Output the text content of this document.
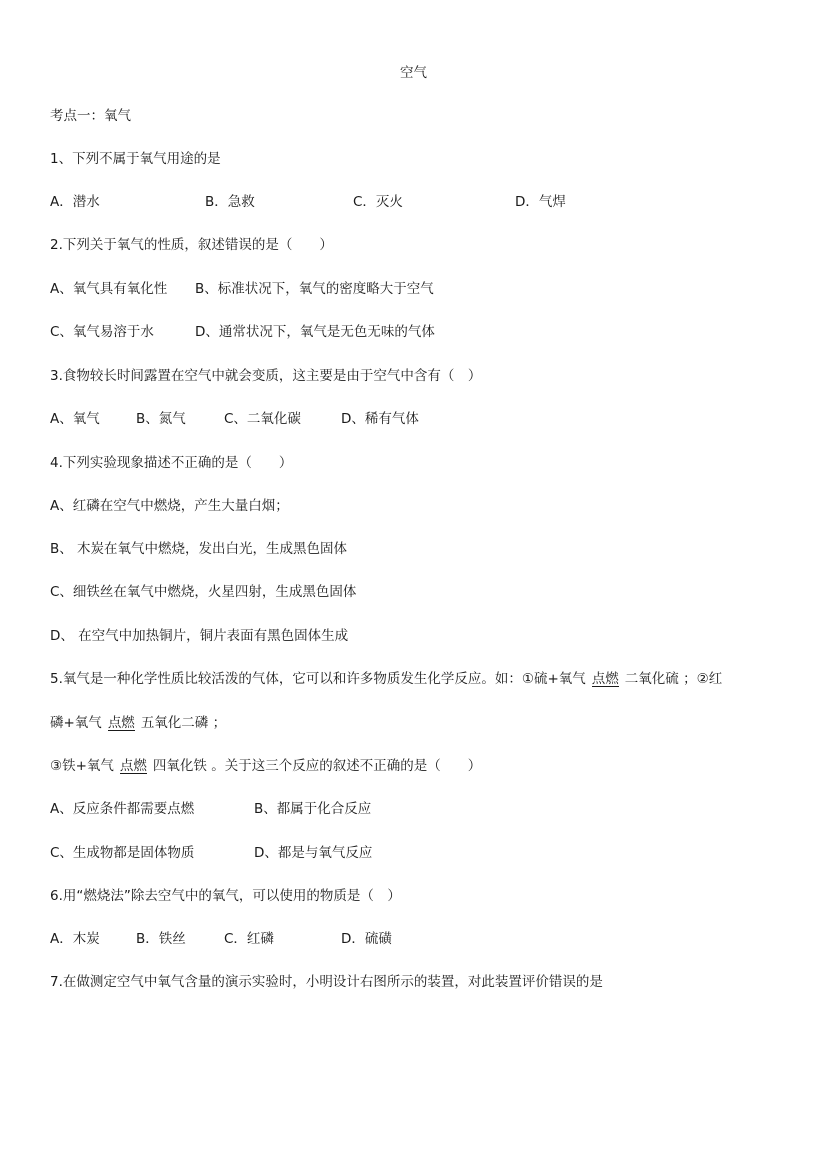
空气
考点一：氧气
1、下列不属于氧气用途的是
A．潜水	B．急救	C．灭火	D．气焊
2.下列关于氧气的性质，叙述错误的是（　　）
A、氧气具有氧化性 B、标准状况下，氧气的密度略大于空气
C、氧气易溶于水	D、通常状况下，氧气是无色无味的气体
3.食物较长时间露置在空气中就会变质，这主要是由于空气中含有（　）
A、氧气	B、氮气	C、二氧化碳	D、稀有气体
4.下列实验现象描述不正确的是（　　）
A、红磷在空气中燃烧，产生大量白烟；
B、 木炭在氧气中燃烧，发出白光，生成黑色固体
C、细铁丝在氧气中燃烧，火星四射，生成黑色固体
D、 在空气中加热铜片，铜片表面有黑色固体生成
5.氧气是一种化学性质比较活泼的气体，它可以和许多物质发生化学反应。如：①硫+氧气 点燃 二氧化硫 ；②红
磷+氧气 点燃 五氧化二磷 ；
③铁+氧气 点燃 四氧化铁 。关于这三个反应的叙述不正确的是（　　）
A、反应条件都需要点燃	B、都属于化合反应
C、生成物都是固体物质	D、都是与氧气反应
6.用“燃烧法”除去空气中的氧气，可以使用的物质是（　）
A．木炭	B．铁丝	C．红磷	D．硫磺
7.在做测定空气中氧气含量的演示实验时，小明设计右图所示的装置，对此装置评价错误的是
